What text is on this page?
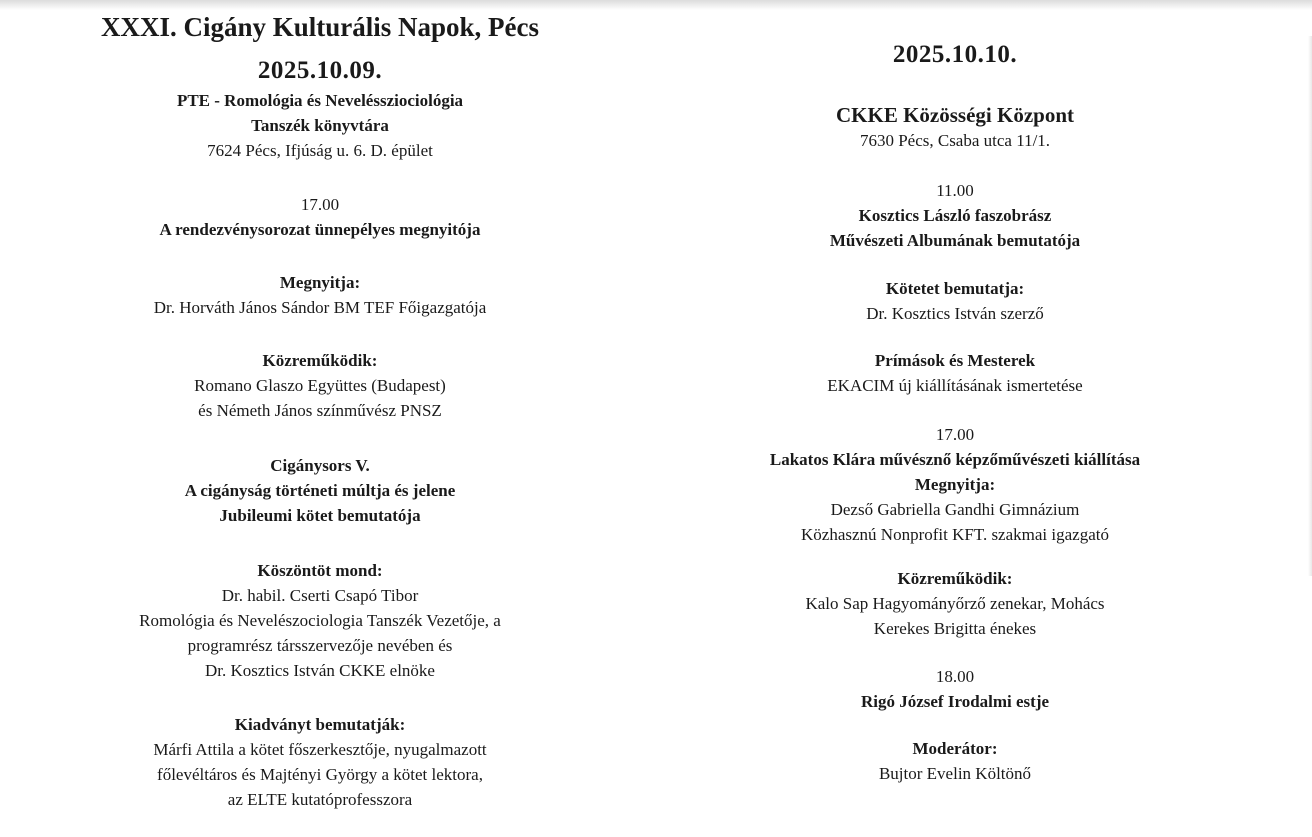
XXXI. Cigány Kulturális Napok, Pécs

2025.10.09.

PTE - Romológia és Neveléssziociológia

Tanszék könyvtára

7624 Pécs, Ifjúság u. 6. D. épület

17.00

A rendezvénysorozat ünnepélyes megnyitója

Megnyitja:

Dr. Horváth János Sándor BM TEF Főigazgatója

Közreműködik:

Romano Glaszo Együttes (Budapest)

és Németh János színművész PNSZ

Cigánysors V.

A cigányság történeti múltja és jelene

Jubileumi kötet bemutatója

Köszöntöt mond:

Dr. habil. Cserti Csapó Tibor

Romológia és Nevelészociologia Tanszék Vezetője, a

programrész társszervezője nevében és

Dr. Kosztics István CKKE elnöke

Kiadványt bemutatják:

Márfi Attila a kötet főszerkesztője, nyugalmazott

főlevéltáros és Majtényi György a kötet lektora,

az ELTE kutatóprofesszora

2025.10.10.

CKKE Közösségi Központ

7630 Pécs, Csaba utca 11/1.

11.00

Kosztics László faszobrász

Művészeti Albumának bemutatója

Kötetet bemutatja:

Dr. Kosztics István szerző

Prímások és Mesterek

EKACIM új kiállításának ismertetése

17.00

Lakatos Klára művésznő képzőművészeti kiállítása

Megnyitja:

Dezső Gabriella Gandhi Gimnázium

Közhasznú Nonprofit KFT. szakmai igazgató

Közreműködik:

Kalo Sap Hagyományőrző zenekar, Mohács

Kerekes Brigitta énekes

18.00

Rigó József Irodalmi estje

Moderátor:

Bujtor Evelin Költönő
